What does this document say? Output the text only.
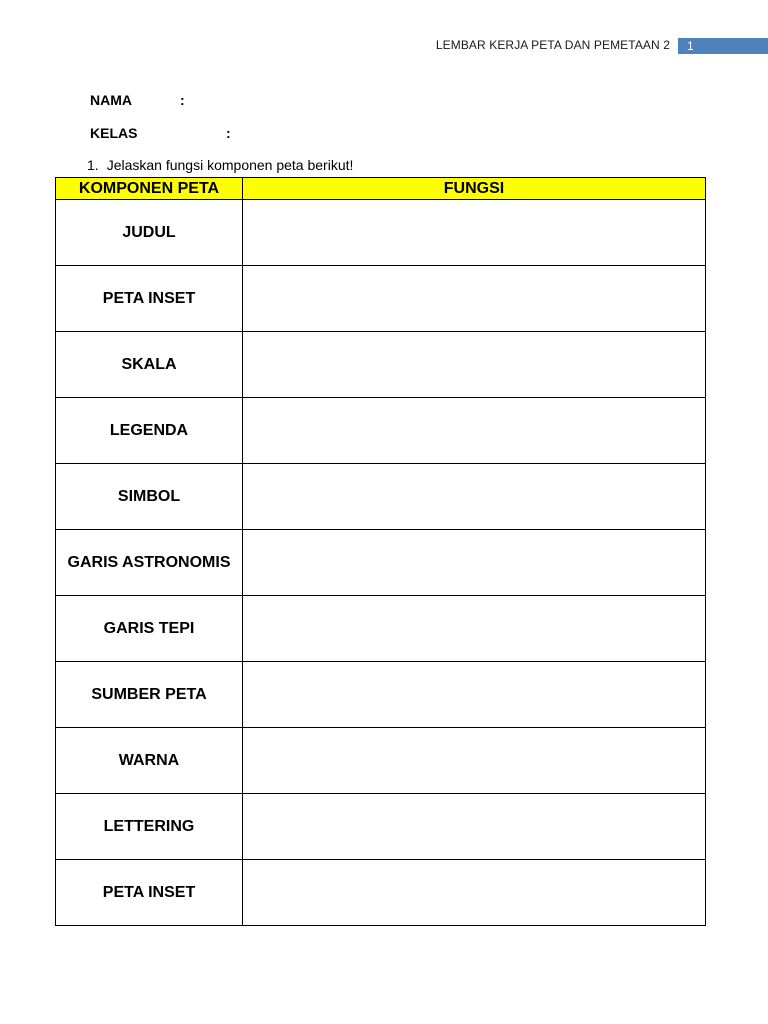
LEMBAR KERJA PETA DAN PEMETAAN 2	1
NAMA	:
KELAS	:
1. Jelaskan fungsi komponen peta berikut!
KOMPONEN PETA	FUNGSI
JUDUL	
PETA INSET	
SKALA	
LEGENDA	
SIMBOL	
GARIS ASTRONOMIS	
GARIS TEPI	
SUMBER PETA	
WARNA	
LETTERING	
PETA INSET	
